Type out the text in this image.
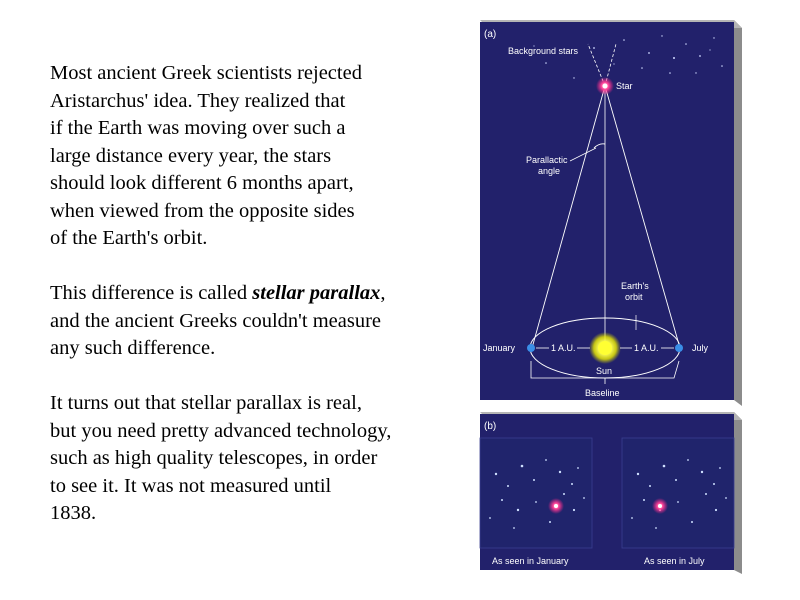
Most ancient Greek scientists rejected
Aristarchus' idea. They realized that
if the Earth was moving over such a
large distance every year, the stars
should look different 6 months apart,
when viewed from the opposite sides
of the Earth's orbit.

This difference is called stellar parallax,
and the ancient Greeks couldn't measure
any such difference.

It turns out that stellar parallax is real,
but you need pretty advanced technology,
such as high quality telescopes, in order
to see it. It was not measured until
1838.

(a)
Background stars
Star
Parallactic
angle
Earth's
orbit
January	July
1 A.U.	1 A.U.
Sun
Baseline
(b)
As seen in January	As seen in July
